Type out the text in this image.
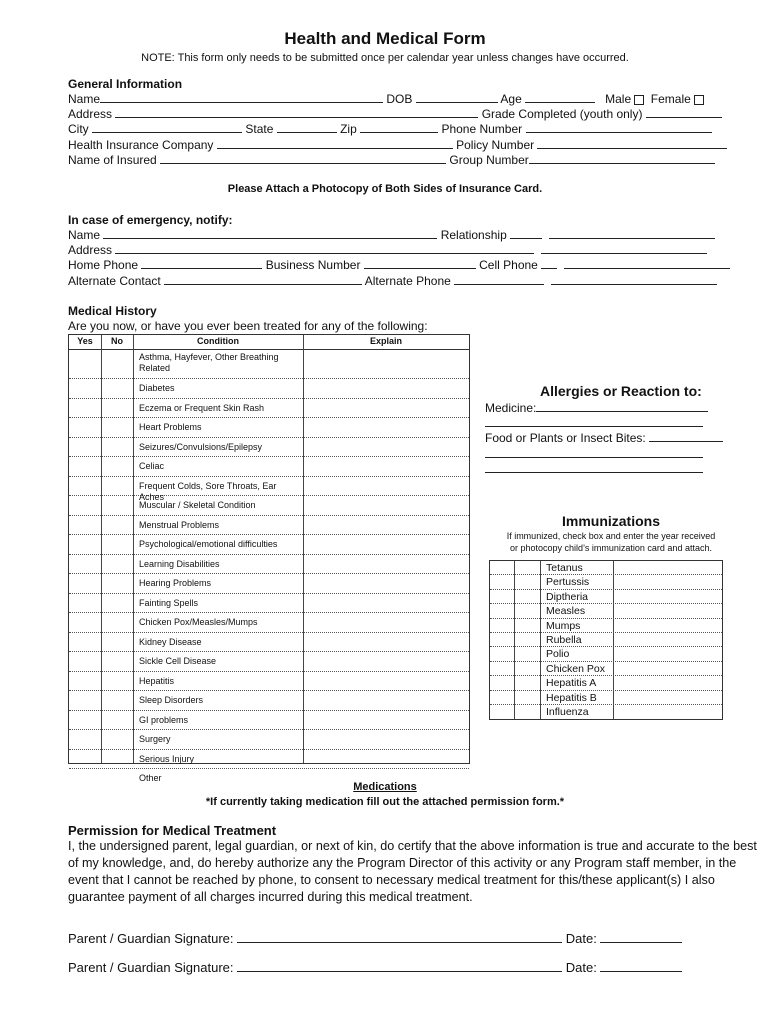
Health and Medical Form
NOTE: This form only needs to be submitted once per calendar year unless changes have occurred.
General Information
Name	DOB	Age	Male Female
Address	Grade Completed (youth only)
City	State	Zip	Phone Number
Health Insurance Company	Policy Number
Name of Insured	Group Number
Please Attach a Photocopy of Both Sides of Insurance Card.
In case of emergency, notify:
Name	Relationship
Address
Home Phone	Business Number	Cell Phone
Alternate Contact	Alternate Phone
Medical History
Are you now, or have you ever been treated for any of the following:
Yes	No	Condition	Explain
Asthma, Hayfever, Other Breathing Related
Diabetes
Eczema or Frequent Skin Rash
Heart Problems
Seizures/Convulsions/Epilepsy
Celiac
Frequent Colds, Sore Throats, Ear Aches
Muscular / Skeletal Condition
Menstrual Problems
Psychological/emotional difficulties
Learning Disabilities
Hearing Problems
Fainting Spells
Chicken Pox/Measles/Mumps
Kidney Disease
Sickle Cell Disease
Hepatitis
Sleep Disorders
GI problems
Surgery
Serious Injury
Other
Allergies or Reaction to:
Medicine:
Food or Plants or Insect Bites:
Immunizations
If immunized, check box and enter the year received
or photocopy child’s immunization card and attach.
Tetanus
Pertussis
Diptheria
Measles
Mumps
Rubella
Polio
Chicken Pox
Hepatitis A
Hepatitis B
Influenza
Medications
*If currently taking medication fill out the attached permission form.*
Permission for Medical Treatment
I, the undersigned parent, legal guardian, or next of kin, do certify that the above information is true and accurate to the best
of my knowledge, and, do hereby authorize any the Program Director of this activity or any Program staff member, in the
event that I cannot be reached by phone, to consent to necessary medical treatment for this/these applicant(s) I also
guarantee payment of all charges incurred during this medical treatment.
Parent / Guardian Signature:	Date:
Parent / Guardian Signature:	Date:
